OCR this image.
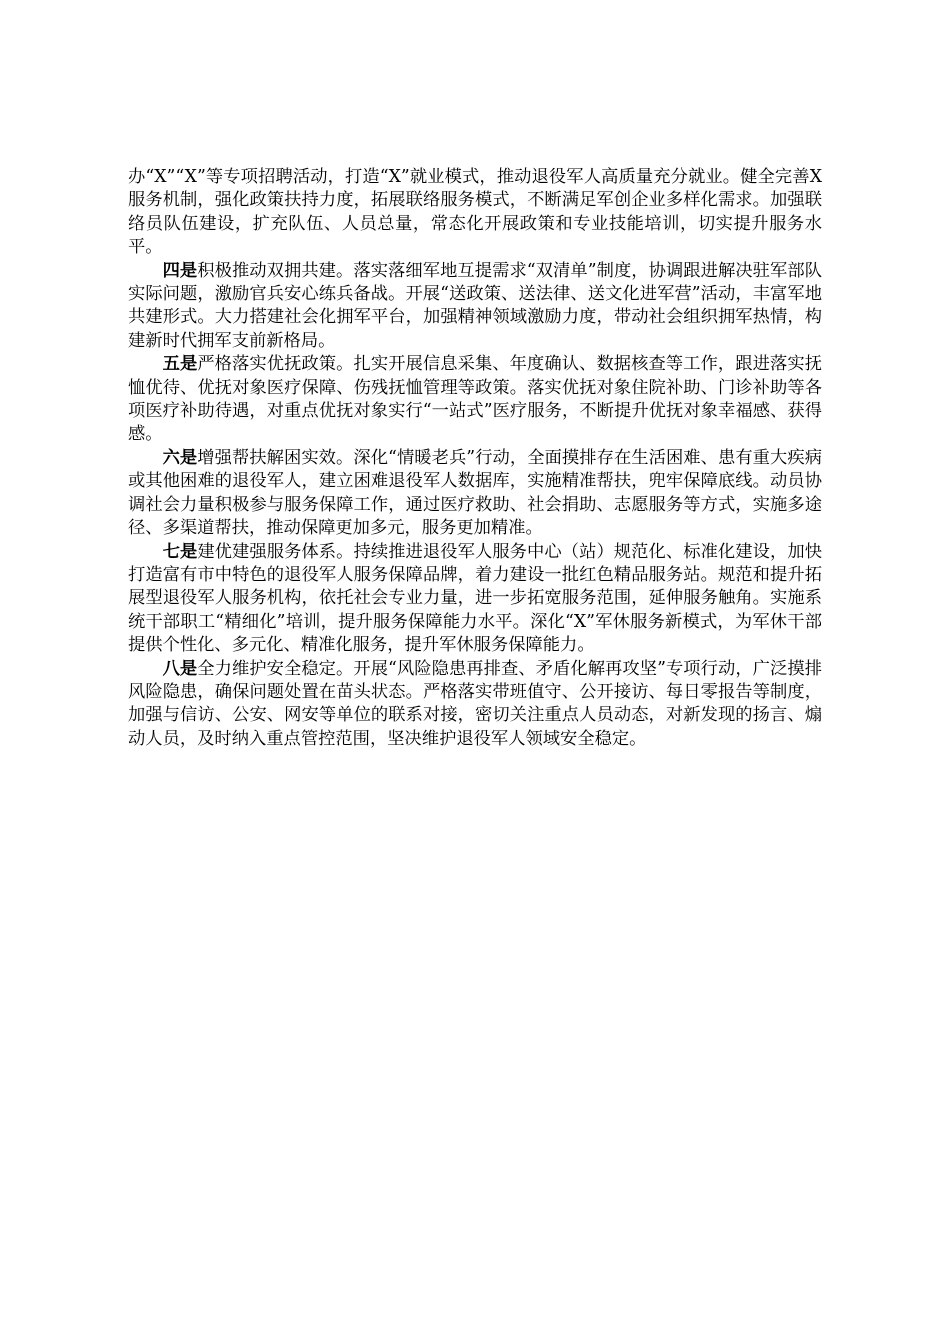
办“X”“X”等专项招聘活动，打造“X”就业模式，推动退役军人高质量充分就业。健全完善X服务机制，强化政策扶持力度，拓展联络服务模式，不断满足军创企业多样化需求。加强联络员队伍建设，扩充队伍、人员总量，常态化开展政策和专业技能培训，切实提升服务水平。

四是积极推动双拥共建。落实落细军地互提需求“双清单”制度，协调跟进解决驻军部队实际问题，激励官兵安心练兵备战。开展“送政策、送法律、送文化进军营”活动，丰富军地共建形式。大力搭建社会化拥军平台，加强精神领域激励力度，带动社会组织拥军热情，构建新时代拥军支前新格局。

五是严格落实优抚政策。扎实开展信息采集、年度确认、数据核查等工作，跟进落实抚恤优待、优抚对象医疗保障、伤残抚恤管理等政策。落实优抚对象住院补助、门诊补助等各项医疗补助待遇，对重点优抚对象实行“一站式”医疗服务，不断提升优抚对象幸福感、获得感。

六是增强帮扶解困实效。深化“情暖老兵”行动，全面摸排存在生活困难、患有重大疾病或其他困难的退役军人，建立困难退役军人数据库，实施精准帮扶，兜牢保障底线。动员协调社会力量积极参与服务保障工作，通过医疗救助、社会捐助、志愿服务等方式，实施多途径、多渠道帮扶，推动保障更加多元，服务更加精准。

七是建优建强服务体系。持续推进退役军人服务中心（站）规范化、标准化建设，加快打造富有市中特色的退役军人服务保障品牌，着力建设一批红色精品服务站。规范和提升拓展型退役军人服务机构，依托社会专业力量，进一步拓宽服务范围，延伸服务触角。实施系统干部职工“精细化”培训，提升服务保障能力水平。深化“X”军休服务新模式，为军休干部提供个性化、多元化、精准化服务，提升军休服务保障能力。

八是全力维护安全稳定。开展“风险隐患再排查、矛盾化解再攻坚”专项行动，广泛摸排风险隐患，确保问题处置在苗头状态。严格落实带班值守、公开接访、每日零报告等制度，加强与信访、公安、网安等单位的联系对接，密切关注重点人员动态，对新发现的扬言、煽动人员，及时纳入重点管控范围，坚决维护退役军人领域安全稳定。
